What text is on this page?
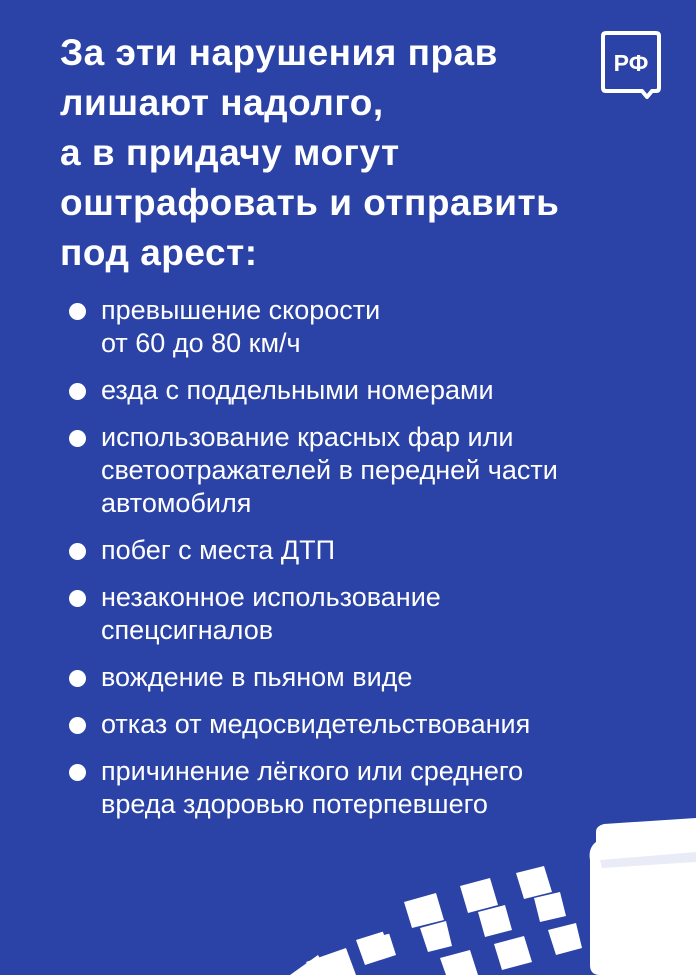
За эти нарушения прав
лишают надолго,
а в придачу могут
оштрафовать и отправить
под арест:
РФ
превышение скорости
от 60 до 80 км/ч
езда с поддельными номерами
использование красных фар или
светоотражателей в передней части
автомобиля
побег с места ДТП
незаконное использование
спецсигналов
вождение в пьяном виде
отказ от медосвидетельствования
причинение лёгкого или среднего
вреда здоровью потерпевшего
